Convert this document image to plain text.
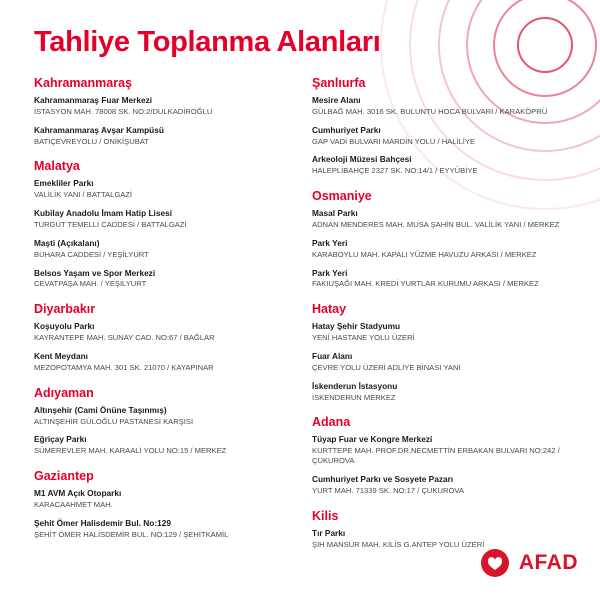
Tahliye Toplanma Alanları
Kahramanmaraş
Kahramanmaraş Fuar Merkezi
İSTASYON MAH. 78008 SK. NO:2/DULKADİROĞLU
Kahramanmaraş Avşar Kampüsü
BATIÇEVREYOLU / ONİKİŞUBAT
Malatya
Emekliler Parkı
VALİLİK YANI / BATTALGAZİ
Kubilay Anadolu İmam Hatip Lisesi
TURGUT TEMELLİ CADDESİ / BATTALGAZİ
Maşti (Açıkalanı)
BUHARA CADDESİ / YEŞİLYURT
Belsos Yaşam ve Spor Merkezi
CEVATPAŞA MAH. / YEŞİLYURT
Diyarbakır
Koşuyolu Parkı
KAYRANTEPE MAH. SUNAY CAD. NO:67 / BAĞLAR
Kent Meydanı
MEZOPOTAMYA MAH. 301 SK. 21070 / KAYAPINAR
Adıyaman
Altınşehir (Cami Önüne Taşınmış)
ALTINŞEHİR GÜLOĞLU PASTANESİ KARŞISI
Eğriçay Parkı
SÜMEREVLER MAH. KARAALİ YOLU NO:15 / MERKEZ
Gaziantep
M1 AVM Açık Otoparkı
KARACAAHMET MAH.
Şehit Ömer Halisdemir Bul. No:129
ŞEHİT ÖMER HALİSDEMİR BUL. NO:129 / ŞEHİTKAMİL
Şanlıurfa
Mesire Alanı
GÜLBAĞ MAH. 3016 SK. BULUNTU HOCA BULVARI / KARAKÖPRÜ
Cumhuriyet Parkı
GAP VADİ BULVARI MARDİN YOLU / HALİLİYE
Arkeoloji Müzesi Bahçesi
HALEPLİBAHÇE 2327 SK. NO:14/1 / EYYÜBİYE
Osmaniye
Masal Parkı
ADNAN MENDERES MAH. MUSA ŞAHİN BUL. VALİLİK YANI / MERKEZ
Park Yeri
KARABOYLU MAH. KAPALI YÜZME HAVUZU ARKASI / MERKEZ
Park Yeri
FAKIUŞAĞI MAH. KREDİ YURTLAR KURUMU ARKASI / MERKEZ
Hatay
Hatay Şehir Stadyumu
YENİ HASTANE YOLU ÜZERİ
Fuar Alanı
ÇEVRE YOLU ÜZERİ ADLİYE BİNASI YANI
İskenderun İstasyonu
İSKENDERUN MERKEZ
Adana
Tüyap Fuar ve Kongre Merkezi
KURTTEPE MAH. PROF.DR.NECMETTİN ERBAKAN BULVARI NO:242 / ÇUKUROVA
Cumhuriyet Parkı ve Sosyete Pazarı
YURT MAH. 71339 SK. NO:17 / ÇUKUROVA
Kilis
Tır Parkı
ŞIH MANSUR MAH. KİLİS G.ANTEP YOLU ÜZERİ
AFAD
